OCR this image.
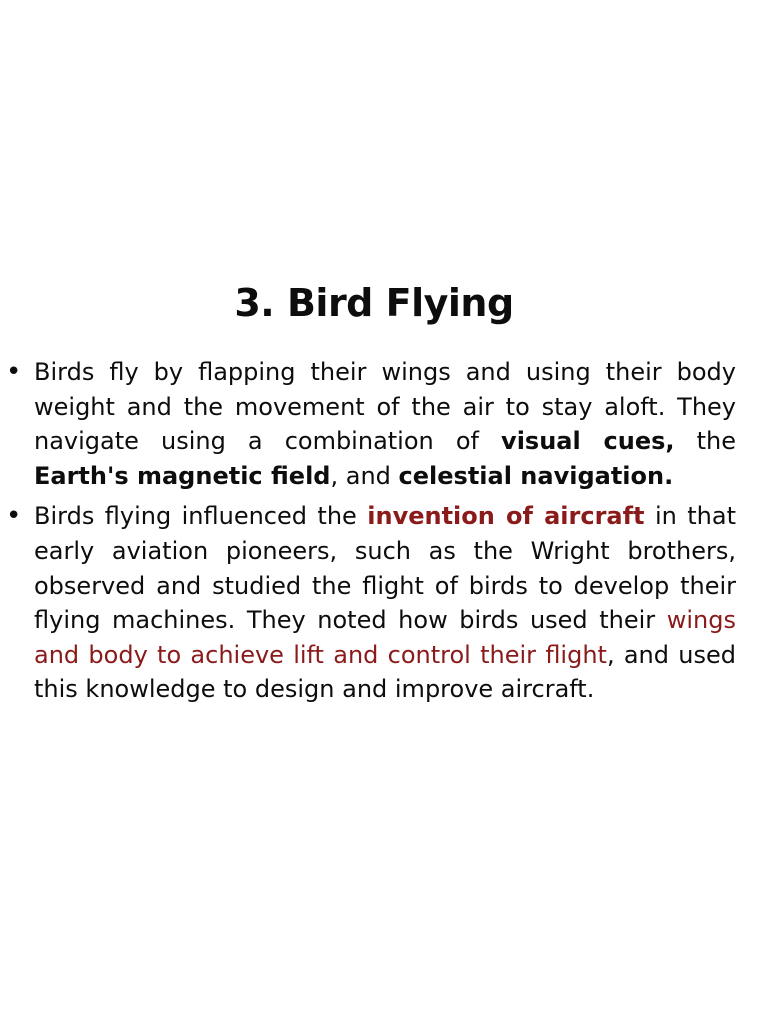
3. Bird Flying
• Birds fly by flapping their wings and using their body weight and the movement of the air to stay aloft. They navigate using a combination of visual cues, the Earth's magnetic field, and celestial navigation.
• Birds flying influenced the invention of aircraft in that early aviation pioneers, such as the Wright brothers, observed and studied the flight of birds to develop their flying machines. They noted how birds used their wings and body to achieve lift and control their flight, and used this knowledge to design and improve aircraft.
